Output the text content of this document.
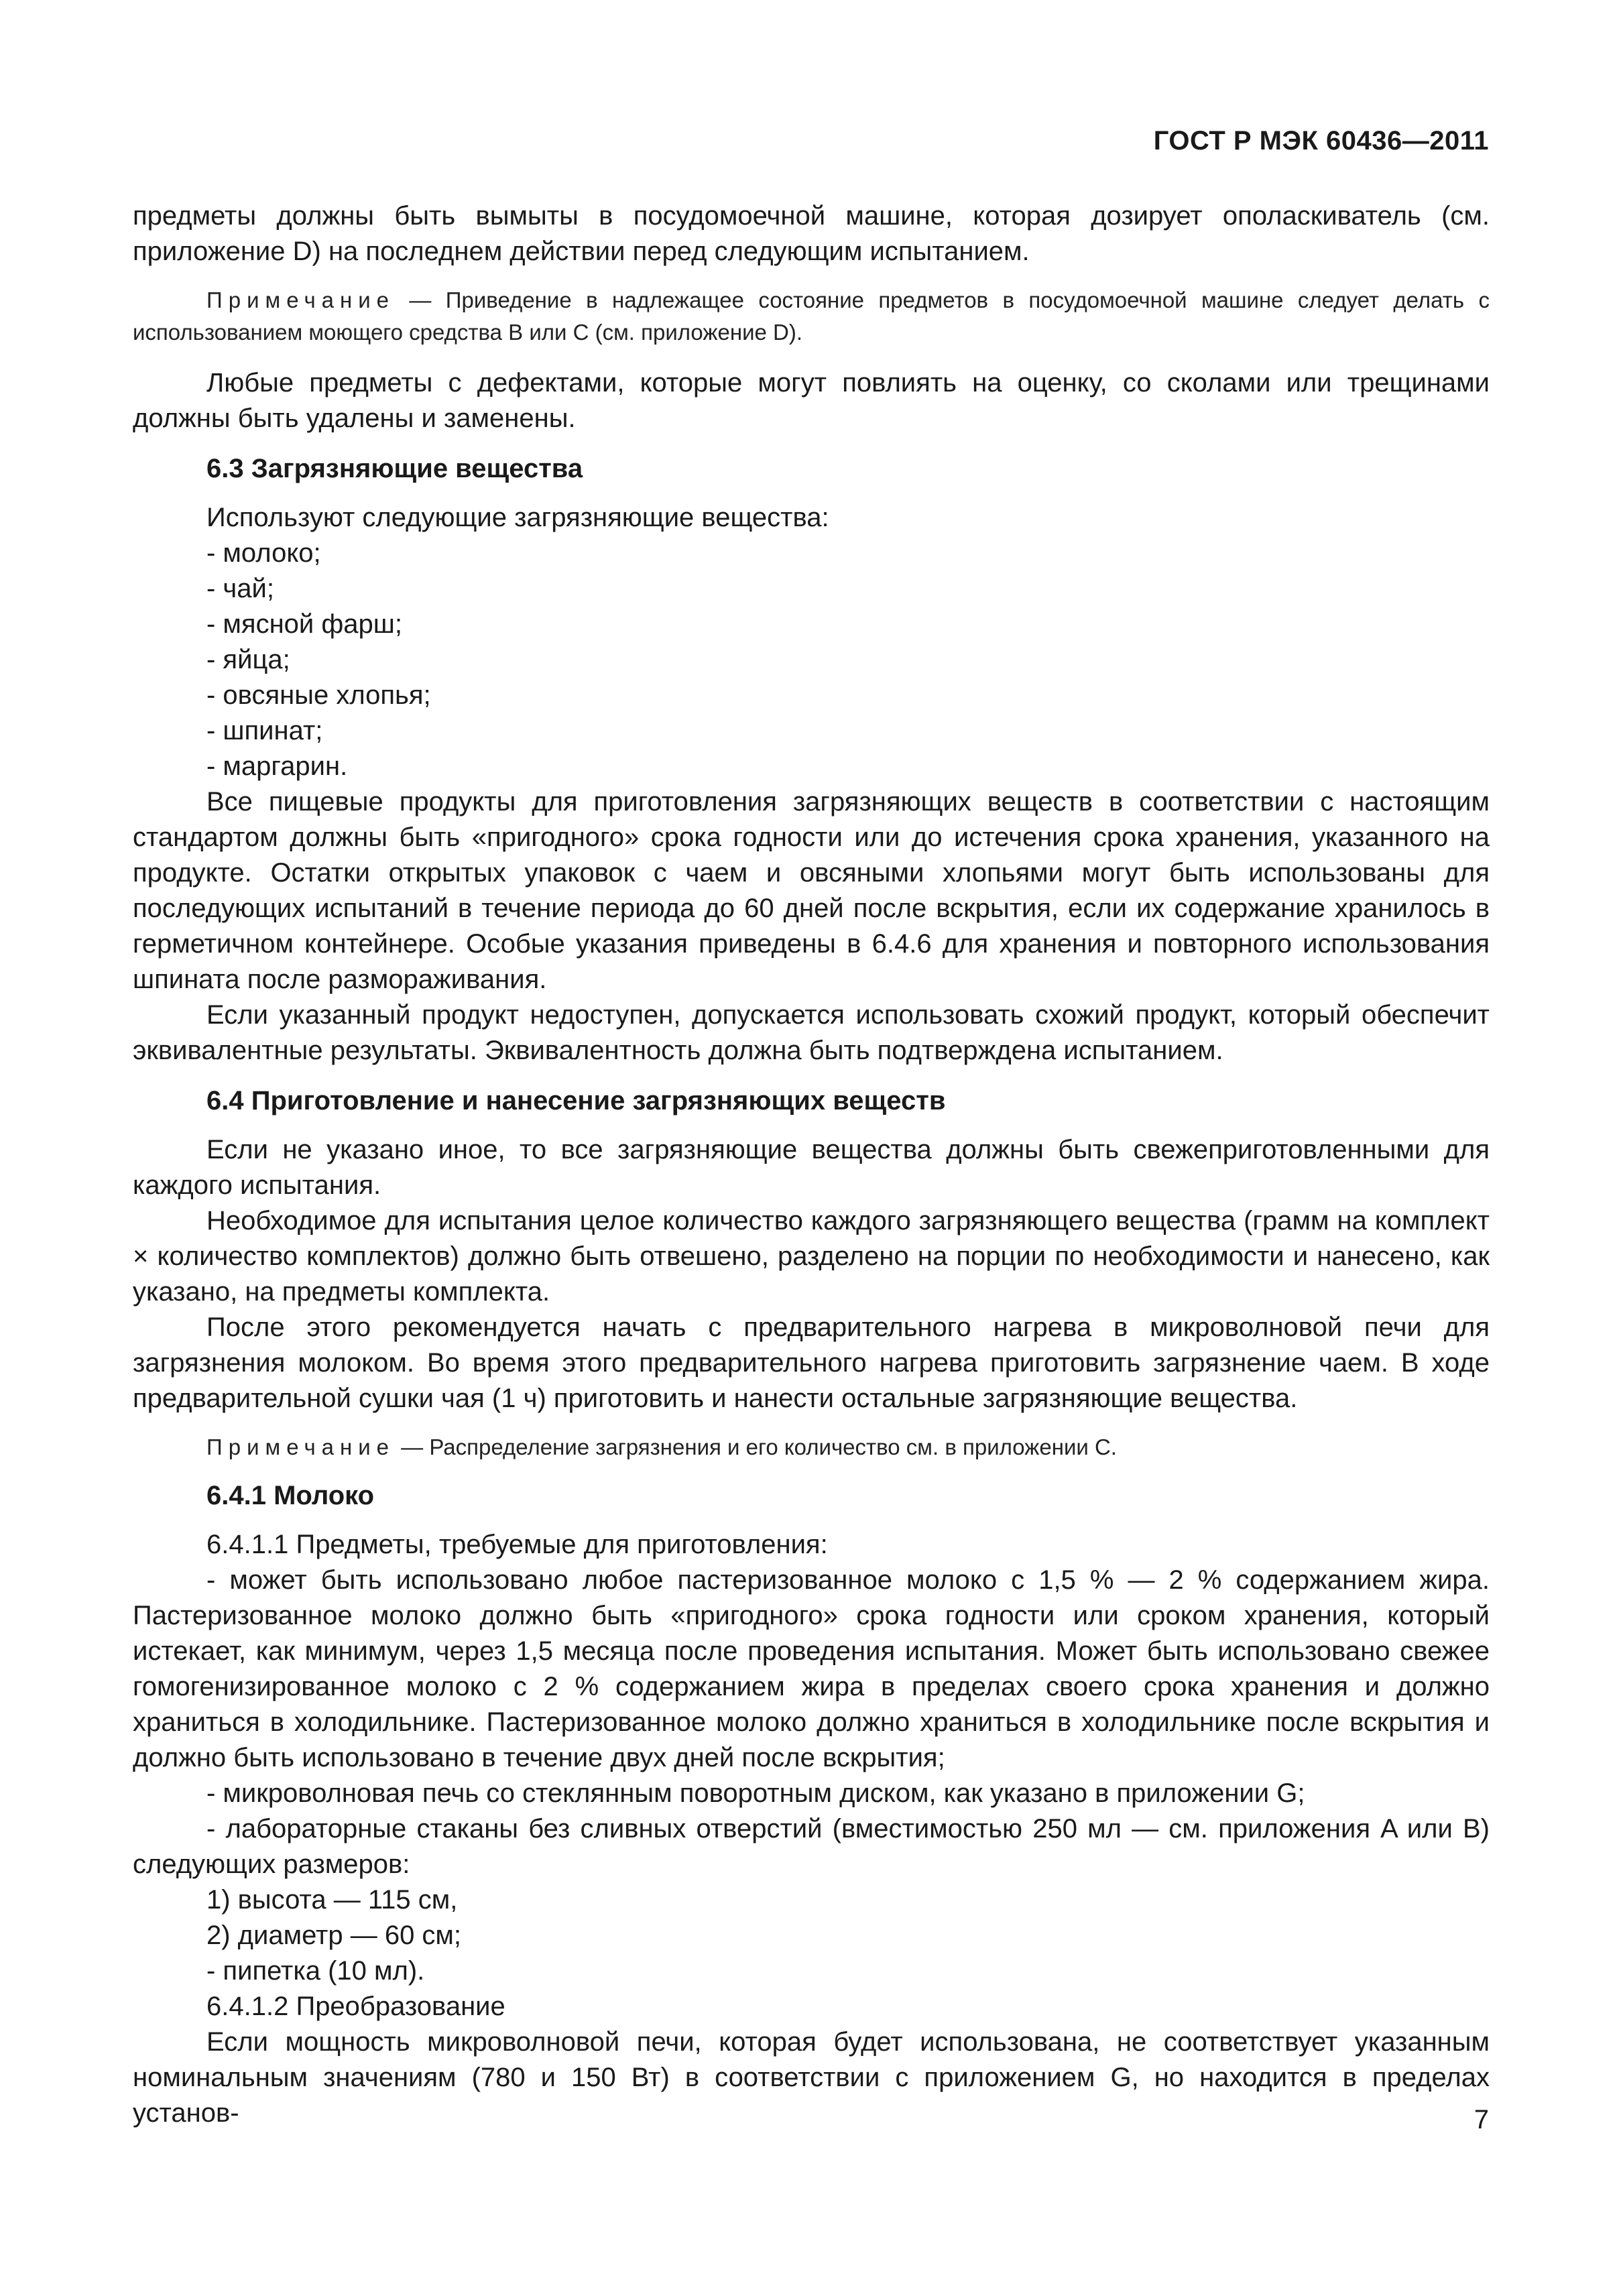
ГОСТ Р МЭК 60436—2011

предметы должны быть вымыты в посудомоечной машине, которая дозирует ополаскиватель (см. приложение D) на последнем действии перед следующим испытанием.

Примечание — Приведение в надлежащее состояние предметов в посудомоечной машине следует делать с использованием моющего средства B или C (см. приложение D).

Любые предметы с дефектами, которые могут повлиять на оценку, со сколами или трещинами должны быть удалены и заменены.

6.3 Загрязняющие вещества

Используют следующие загрязняющие вещества:

- молоко;

- чай;

- мясной фарш;

- яйца;

- овсяные хлопья;

- шпинат;

- маргарин.

Все пищевые продукты для приготовления загрязняющих веществ в соответствии с настоящим стандартом должны быть «пригодного» срока годности или до истечения срока хранения, указанного на продукте. Остатки открытых упаковок с чаем и овсяными хлопьями могут быть использованы для последующих испытаний в течение периода до 60 дней после вскрытия, если их содержание хранилось в герметичном контейнере. Особые указания приведены в 6.4.6 для хранения и повторного использования шпината после размораживания.

Если указанный продукт недоступен, допускается использовать схожий продукт, который обеспечит эквивалентные результаты. Эквивалентность должна быть подтверждена испытанием.

6.4 Приготовление и нанесение загрязняющих веществ

Если не указано иное, то все загрязняющие вещества должны быть свежеприготовленными для каждого испытания.

Необходимое для испытания целое количество каждого загрязняющего вещества (грамм на комплект × количество комплектов) должно быть отвешено, разделено на порции по необходимости и нанесено, как указано, на предметы комплекта.

После этого рекомендуется начать с предварительного нагрева в микроволновой печи для загрязнения молоком. Во время этого предварительного нагрева приготовить загрязнение чаем. В ходе предварительной сушки чая (1 ч) приготовить и нанести остальные загрязняющие вещества.

Примечание — Распределение загрязнения и его количество см. в приложении C.

6.4.1 Молоко

6.4.1.1 Предметы, требуемые для приготовления:

- может быть использовано любое пастеризованное молоко с 1,5 % — 2 % содержанием жира. Пастеризованное молоко должно быть «пригодного» срока годности или сроком хранения, который истекает, как минимум, через 1,5 месяца после проведения испытания. Может быть использовано свежее гомогенизированное молоко с 2 % содержанием жира в пределах своего срока хранения и должно храниться в холодильнике. Пастеризованное молоко должно храниться в холодильнике после вскрытия и должно быть использовано в течение двух дней после вскрытия;

- микроволновая печь со стеклянным поворотным диском, как указано в приложении G;

- лабораторные стаканы без сливных отверстий (вместимостью 250 мл — см. приложения A или B) следующих размеров:

1) высота — 115 см,

2) диаметр — 60 см;

- пипетка (10 мл).

6.4.1.2 Преобразование

Если мощность микроволновой печи, которая будет использована, не соответствует указанным номинальным значениям (780 и 150 Вт) в соответствии с приложением G, но находится в пределах установ-	7
